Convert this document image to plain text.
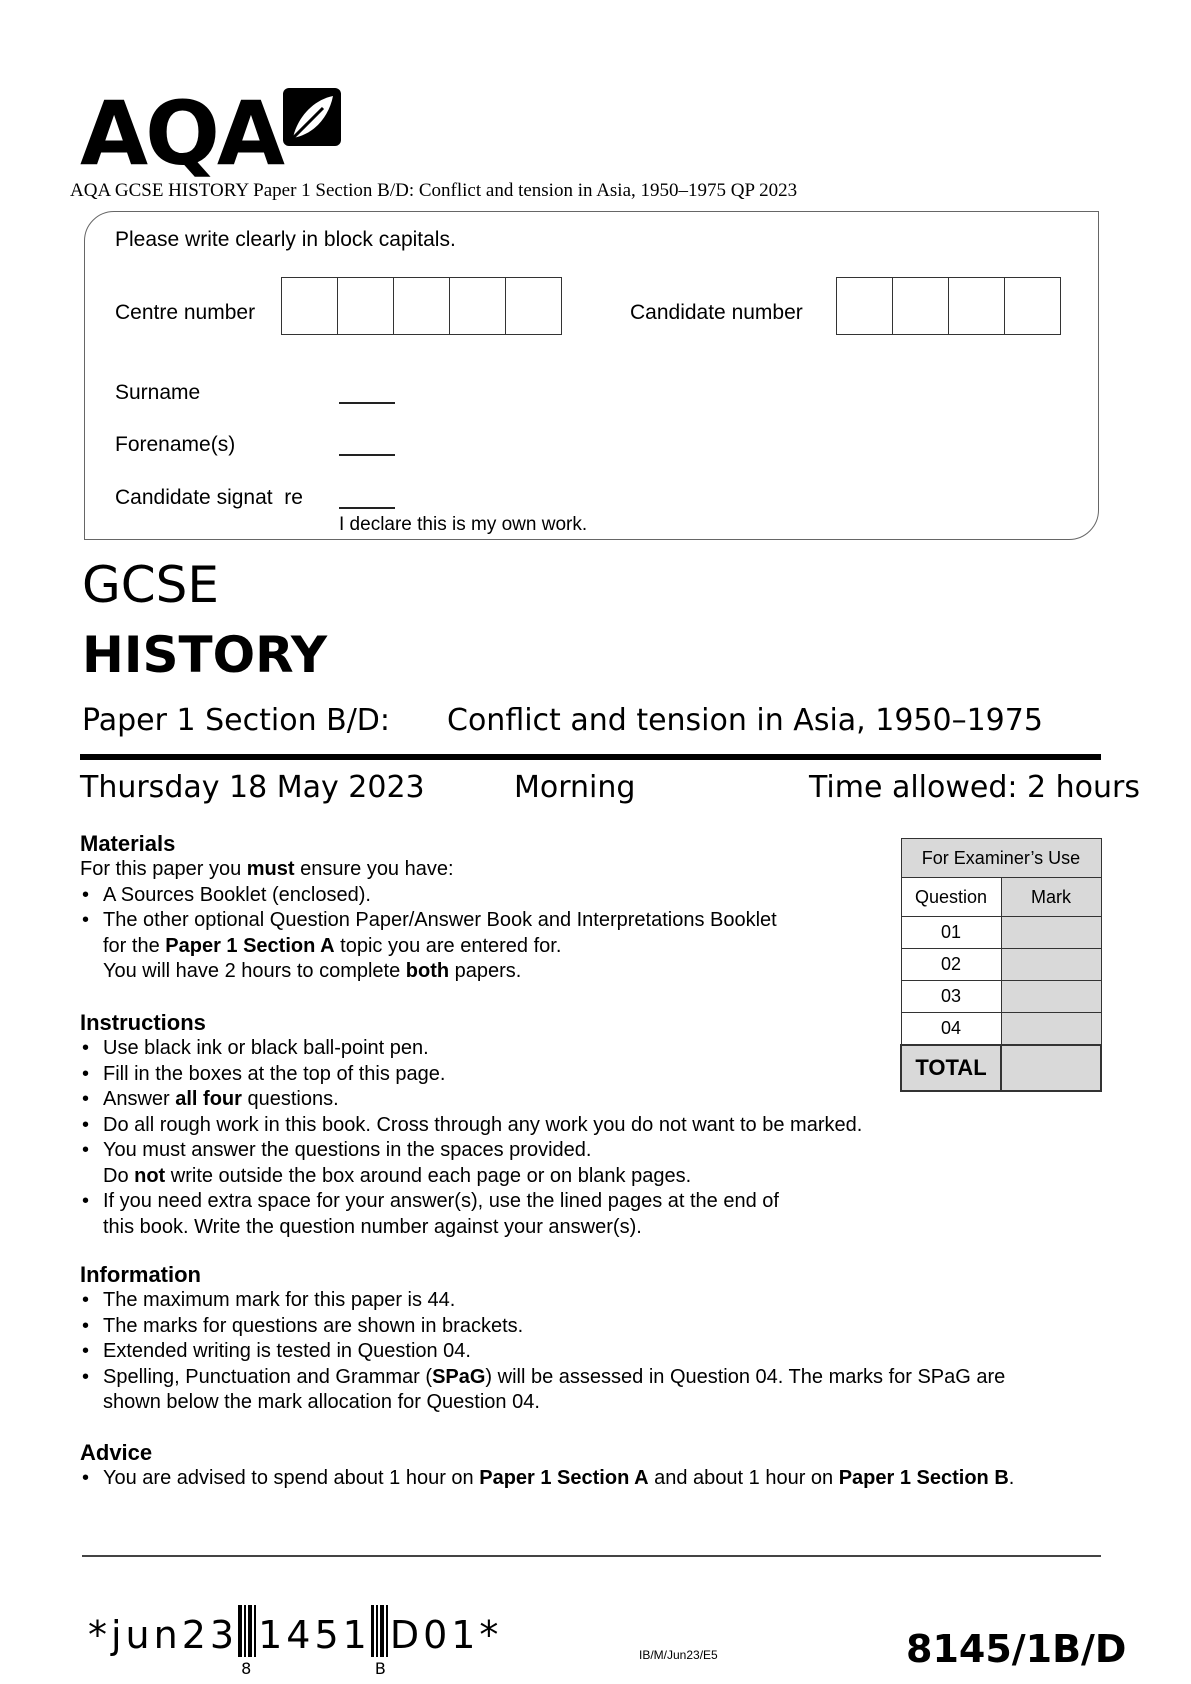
AQA
AQA GCSE HISTORY Paper 1 Section B/D: Conflict and tension in Asia, 1950–1975 QP 2023
Please write clearly in block capitals.
Centre number	Candidate number
Surname
Forename(s)
Candidate signat  re
I declare this is my own work.
GCSE
HISTORY
Paper 1 Section B/D: Conflict and tension in Asia, 1950–1975
Thursday 18 May 2023	Morning	Time allowed: 2 hours
Materials
For this paper you must ensure you have:
• A Sources Booklet (enclosed).
• The other optional Question Paper/Answer Book and Interpretations Booklet
for the Paper 1 Section A topic you are entered for.
You will have 2 hours to complete both papers.
Instructions
• Use black ink or black ball-point pen.
• Fill in the boxes at the top of this page.
• Answer all four questions.
• Do all rough work in this book. Cross through any work you do not want to be marked.
• You must answer the questions in the spaces provided.
Do not write outside the box around each page or on blank pages.
• If you need extra space for your answer(s), use the lined pages at the end of
this book. Write the question number against your answer(s).
Information
• The maximum mark for this paper is 44.
• The marks for questions are shown in brackets.
• Extended writing is tested in Question 04.
• Spelling, Punctuation and Grammar (SPaG) will be assessed in Question 04. The marks for SPaG are
shown below the mark allocation for Question 04.
Advice
• You are advised to spend about 1 hour on Paper 1 Section A and about 1 hour on Paper 1 Section B.
For Examiner’s Use	
Question	Mark
01	
02	
03	
04	
TOTAL	
*jun23
8
1451
B
D01*	IB/M/Jun23/E5	8145/1B/D
